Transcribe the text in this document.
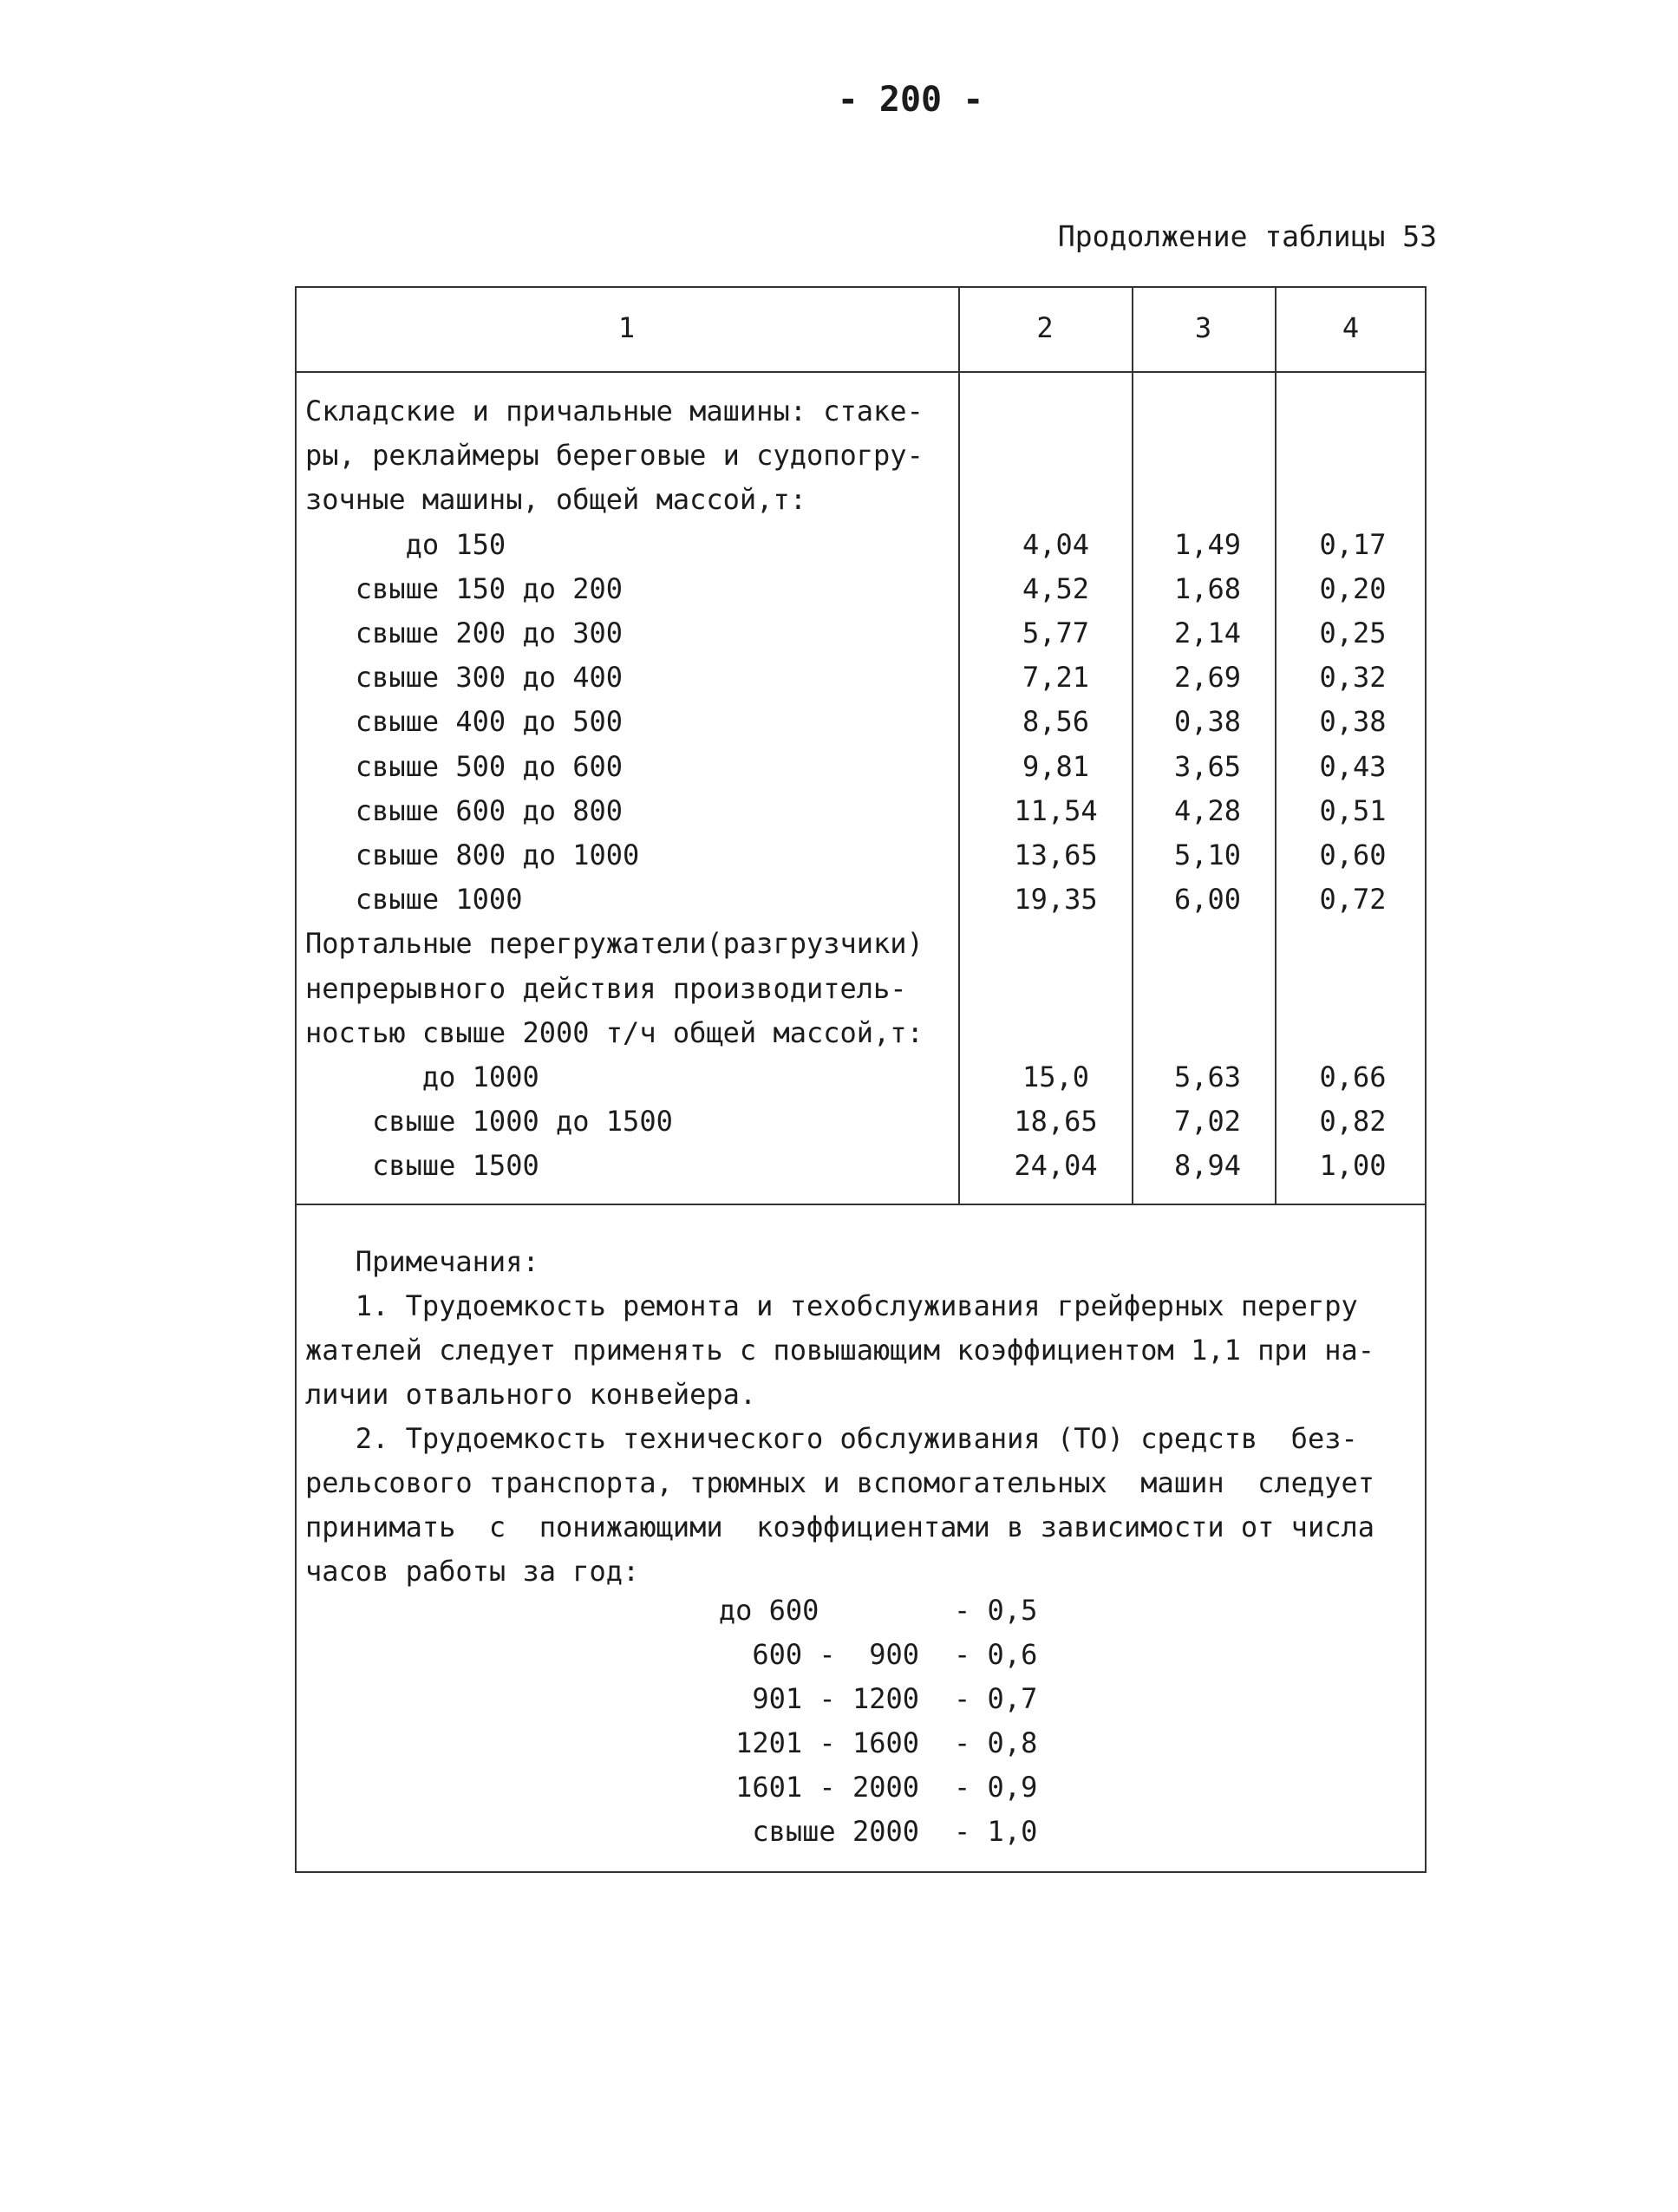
- 200 -
Продолжение таблицы 53
1	2	3	4
Складские и причальные машины: стаке-
ры, реклаймеры береговые и судопогру-
зочные машины, общей массой,т:
до 150	4,04	1,49	0,17
свыше 150 до 200	4,52	1,68	0,20
свыше 200 до 300	5,77	2,14	0,25
свыше 300 до 400	7,21	2,69	0,32
свыше 400 до 500	8,56	0,38	0,38
свыше 500 до 600	9,81	3,65	0,43
свыше 600 до 800	11,54	4,28	0,51
свыше 800 до 1000	13,65	5,10	0,60
свыше 1000	19,35	6,00	0,72
Портальные перегружатели(разгрузчики)
непрерывного действия производитель-
ностью свыше 2000 т/ч общей массой,т:
до 1000	15,0	5,63	0,66
свыше 1000 до 1500	18,65	7,02	0,82
свыше 1500	24,04	8,94	1,00
Примечания:
1. Трудоемкость ремонта и техобслуживания грейферных перегру
жателей следует применять с повышающим коэффициентом 1,1 при на-
личии отвального конвейера.
2. Трудоемкость технического обслуживания (ТО) средств  без-
рельсового транспорта, трюмных и вспомогательных  машин  следует
принимать  с  понижающими  коэффициентами в зависимости от числа
часов работы за год:
до 600 - 0,5
600 -  900 - 0,6
901 - 1200 - 0,7
1201 - 1600 - 0,8
1601 - 2000 - 0,9
свыше 2000 - 1,0
